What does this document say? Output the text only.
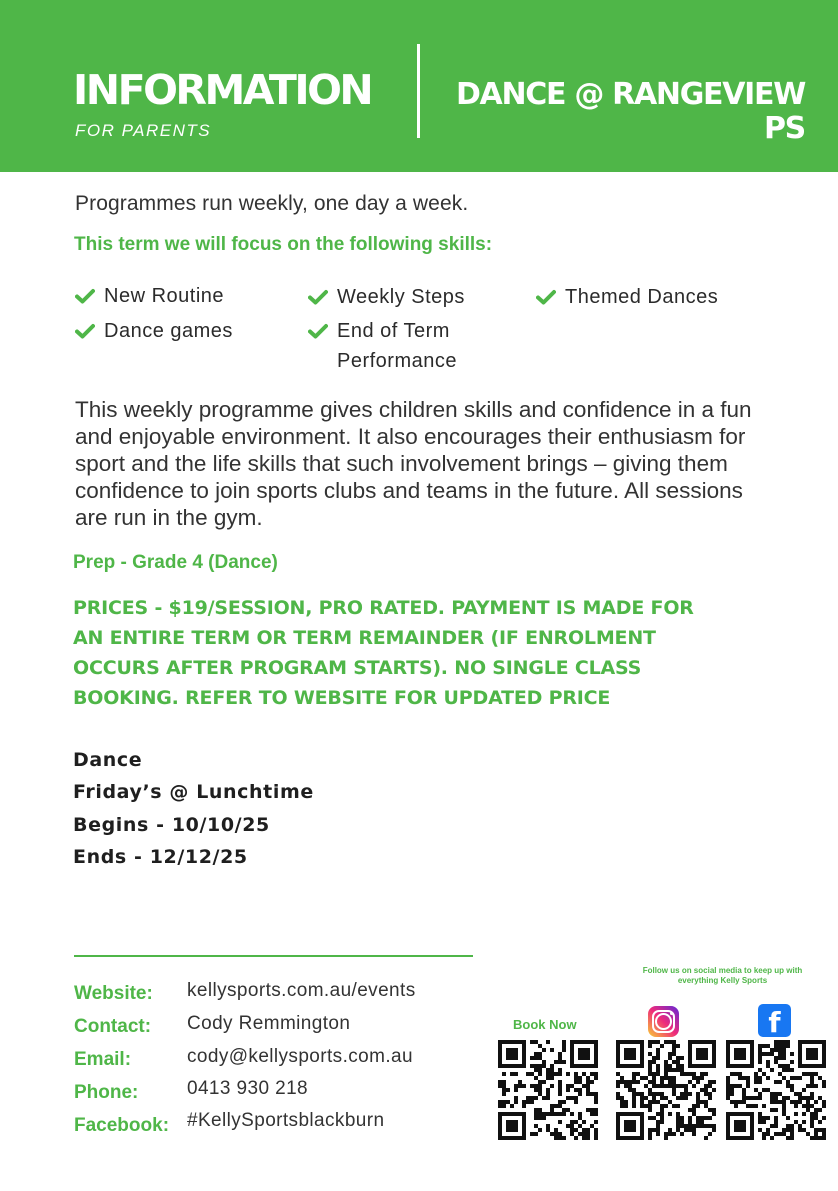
INFORMATION
FOR PARENTS
DANCE @ RANGEVIEW
PS
Programmes run weekly, one day a week.
This term we will focus on the following skills:
New Routine	Weekly Steps	Themed Dances
Dance games	End of Term
Performance
This weekly programme gives children skills and confidence in a fun and enjoyable environment. It also encourages their enthusiasm for sport and the life skills that such involvement brings – giving them confidence to join sports clubs and teams in the future. All sessions are run in the gym.
Prep - Grade 4 (Dance)
PRICES - $19/SESSION, PRO RATED. PAYMENT IS MADE FOR AN ENTIRE TERM OR TERM REMAINDER (IF ENROLMENT OCCURS AFTER PROGRAM STARTS). NO SINGLE CLASS BOOKING. REFER TO WEBSITE FOR UPDATED PRICE
Dance
Friday’s @ Lunchtime
Begins - 10/10/25
Ends - 12/12/25
Website: kellysports.com.au/events
Contact: Cody Remmington
Email:	cody@kellysports.com.au
Phone:	0413 930 218
Facebook: #KellySportsblackburn
Follow us on social media to keep up with everything Kelly Sports
Book Now	f
